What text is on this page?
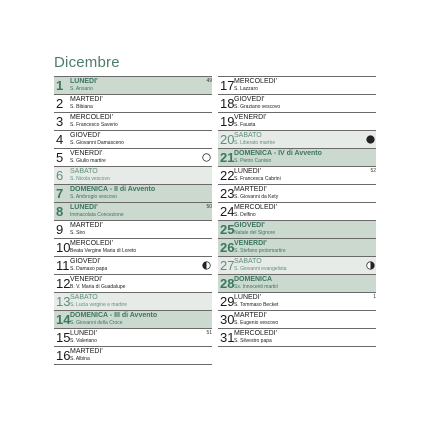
Dicembre
1 LUNEDI'
S. Ansano
49
2 MARTEDI'
S. Bibiana
3 MERCOLEDI'
S. Francesco Saverio
4 GIOVEDI'
S. Giovanni Damasceno
5 VENERDI'
S. Giulio martire
6 SABATO
S. Nicola vescovo
7 DOMENICA - II di Avvento
S. Ambrogio vescovo
8 LUNEDI'
Immacolata Concezione
50
9 MARTEDI'
S. Siro
10 MERCOLEDI'
Beata Vergine Maria di Loreto
11 GIOVEDI'
S. Damaso papa
12 VENERDI'
B. V. Maria di Guadalupe
13 SABATO
S. Lucia vergine e martire
14 DOMENICA - III di Avvento
S. Giovanni della Croce
15 LUNEDI'
S. Valeriano
51
16 MARTEDI'
S. Albina
17 MERCOLEDI'
S. Lazzaro
18 GIOVEDI'
S. Graziano vescovo
19 VENERDI'
S. Fausta
20 SABATO
S. Liberato martire
21 DOMENICA - IV di Avvento
S. Pietro Canisio
22 LUNEDI'
S. Francesca Cabrini
52
23 MARTEDI'
S. Giovanni da Kety
24 MERCOLEDI'
S. Delfino
25 GIOVEDI'
Natale del Signore
26 VENERDI'
S. Stefano protomartire
27 SABATO
S. Giovanni evangelista
28 DOMENICA
Ss. Innocenti martiri
29 LUNEDI'
S. Tommaso Becket
1
30 MARTEDI'
S. Eugenio vescovo
31 MERCOLEDI'
S. Silvestro papa
